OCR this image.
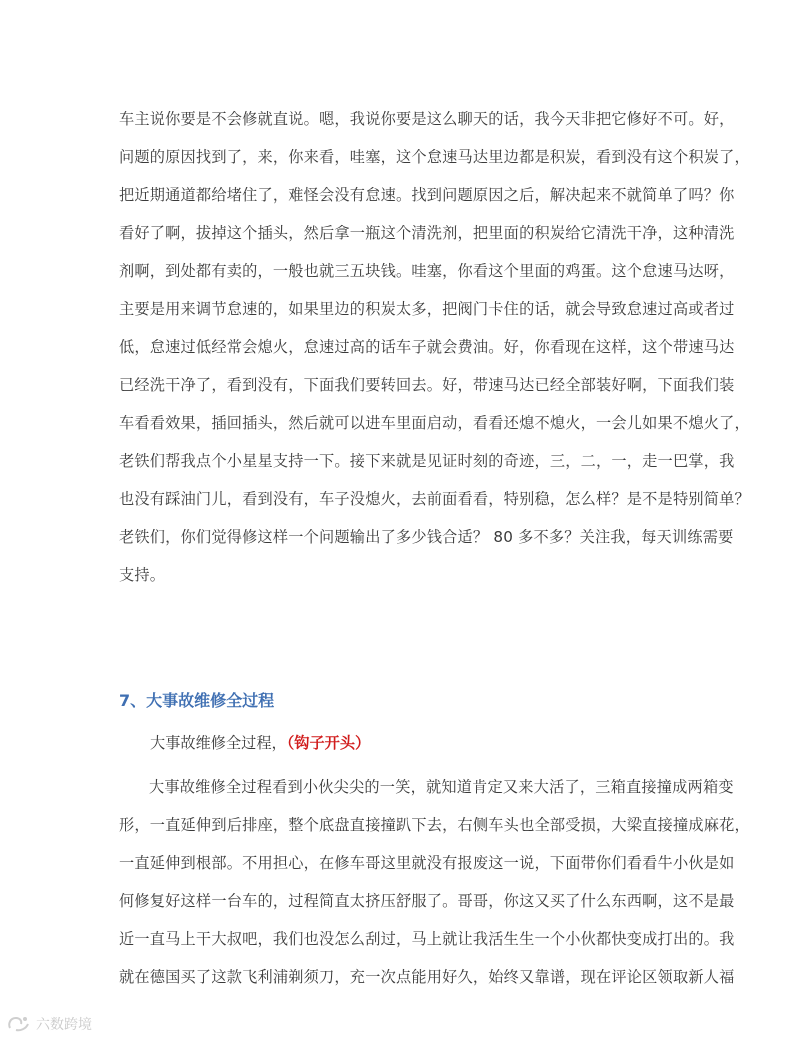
车主说你要是不会修就直说。嗯，我说你要是这么聊天的话，我今天非把它修好不可。好，
问题的原因找到了，来，你来看，哇塞，这个怠速马达里边都是积炭，看到没有这个积炭了，
把近期通道都给堵住了，难怪会没有怠速。找到问题原因之后，解决起来不就简单了吗？你
看好了啊，拔掉这个插头，然后拿一瓶这个清洗剂，把里面的积炭给它清洗干净，这种清洗
剂啊，到处都有卖的，一般也就三五块钱。哇塞，你看这个里面的鸡蛋。这个怠速马达呀，
主要是用来调节怠速的，如果里边的积炭太多，把阀门卡住的话，就会导致怠速过高或者过
低，怠速过低经常会熄火，怠速过高的话车子就会费油。好，你看现在这样，这个带速马达
已经洗干净了，看到没有，下面我们要转回去。好，带速马达已经全部装好啊，下面我们装
车看看效果，插回插头，然后就可以进车里面启动，看看还熄不熄火，一会儿如果不熄火了，
老铁们帮我点个小星星支持一下。接下来就是见证时刻的奇迹，三，二，一，走一巴掌，我
也没有踩油门儿，看到没有，车子没熄火，去前面看看，特别稳，怎么样？是不是特别简单？
老铁们，你们觉得修这样一个问题输出了多少钱合适？ 80 多不多？关注我，每天训练需要
支持。
7、大事故维修全过程
大事故维修全过程，（钩子开头）
大事故维修全过程看到小伙尖尖的一笑，就知道肯定又来大活了，三箱直接撞成两箱变
形，一直延伸到后排座，整个底盘直接撞趴下去，右侧车头也全部受损，大梁直接撞成麻花，
一直延伸到根部。不用担心，在修车哥这里就没有报废这一说，下面带你们看看牛小伙是如
何修复好这样一台车的，过程简直太挤压舒服了。哥哥，你这又买了什么东西啊，这不是最
近一直马上干大叔吧，我们也没怎么刮过，马上就让我活生生一个小伙都快变成打出的。我
就在德国买了这款飞利浦剃须刀，充一次点能用好久，始终又靠谱，现在评论区领取新人福
六数跨境
